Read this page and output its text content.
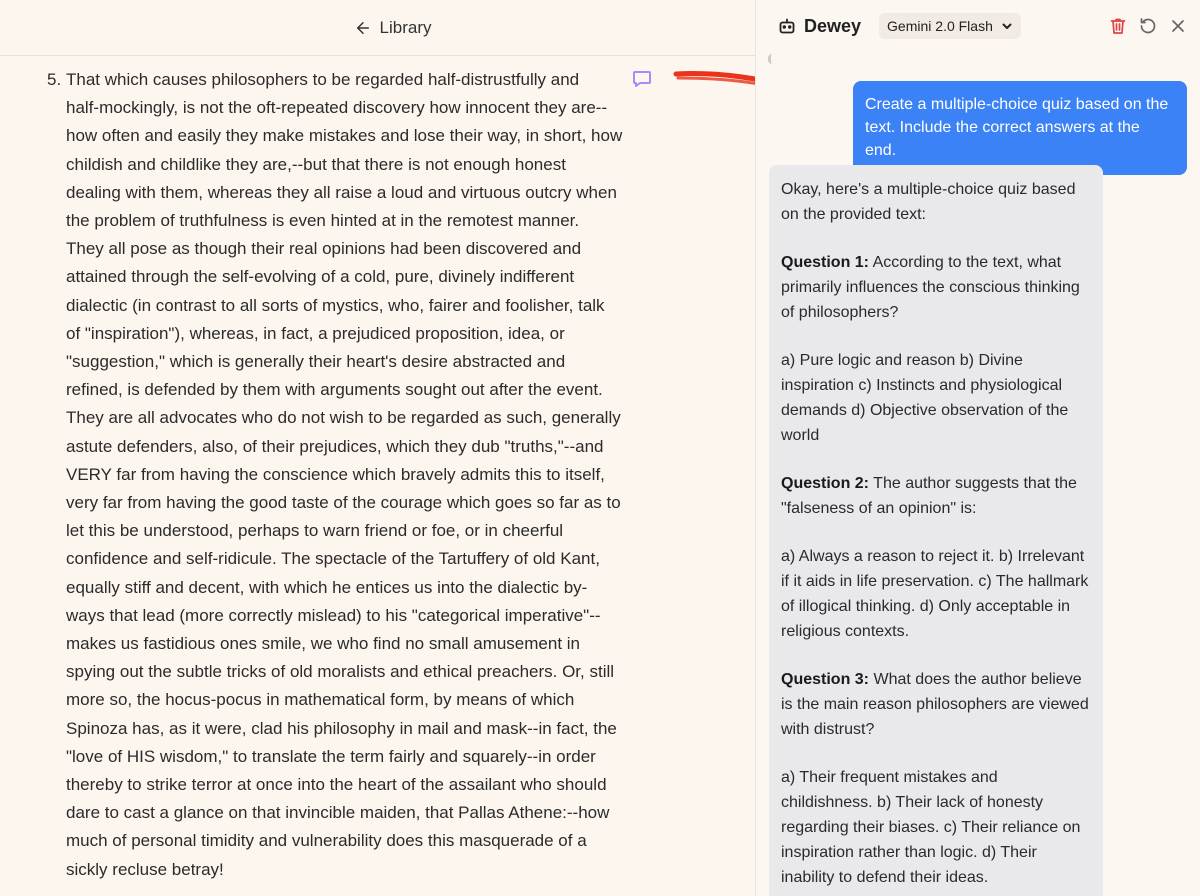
Library
5. That which causes philosophers to be regarded half-distrustfully and
half-mockingly, is not the oft-repeated discovery how innocent they are--
how often and easily they make mistakes and lose their way, in short, how
childish and childlike they are,--but that there is not enough honest
dealing with them, whereas they all raise a loud and virtuous outcry when
the problem of truthfulness is even hinted at in the remotest manner.
They all pose as though their real opinions had been discovered and
attained through the self-evolving of a cold, pure, divinely indifferent
dialectic (in contrast to all sorts of mystics, who, fairer and foolisher, talk
of "inspiration"), whereas, in fact, a prejudiced proposition, idea, or
"suggestion," which is generally their heart's desire abstracted and
refined, is defended by them with arguments sought out after the event.
They are all advocates who do not wish to be regarded as such, generally
astute defenders, also, of their prejudices, which they dub "truths,"--and
VERY far from having the conscience which bravely admits this to itself,
very far from having the good taste of the courage which goes so far as to
let this be understood, perhaps to warn friend or foe, or in cheerful
confidence and self-ridicule. The spectacle of the Tartuffery of old Kant,
equally stiff and decent, with which he entices us into the dialectic by-
ways that lead (more correctly mislead) to his "categorical imperative"--
makes us fastidious ones smile, we who find no small amusement in
spying out the subtle tricks of old moralists and ethical preachers. Or, still
more so, the hocus-pocus in mathematical form, by means of which
Spinoza has, as it were, clad his philosophy in mail and mask--in fact, the
"love of HIS wisdom," to translate the term fairly and squarely--in order
thereby to strike terror at once into the heart of the assailant who should
dare to cast a glance on that invincible maiden, that Pallas Athene:--how
much of personal timidity and vulnerability does this masquerade of a
sickly recluse betray!
Dewey Gemini 2.0 Flash
Create a multiple-choice quiz based on the text. Include the correct answers at the end.

Okay, here's a multiple-choice quiz based on the provided text:

Question 1: According to the text, what primarily influences the conscious thinking of philosophers?

a) Pure logic and reason b) Divine inspiration c) Instincts and physiological demands d) Objective observation of the world

Question 2: The author suggests that the "falseness of an opinion" is:

a) Always a reason to reject it. b) Irrelevant if it aids in life preservation. c) The hallmark of illogical thinking. d) Only acceptable in religious contexts.

Question 3: What does the author believe is the main reason philosophers are viewed with distrust?

a) Their frequent mistakes and childishness. b) Their lack of honesty regarding their biases. c) Their reliance on inspiration rather than logic. d) Their inability to defend their ideas.
